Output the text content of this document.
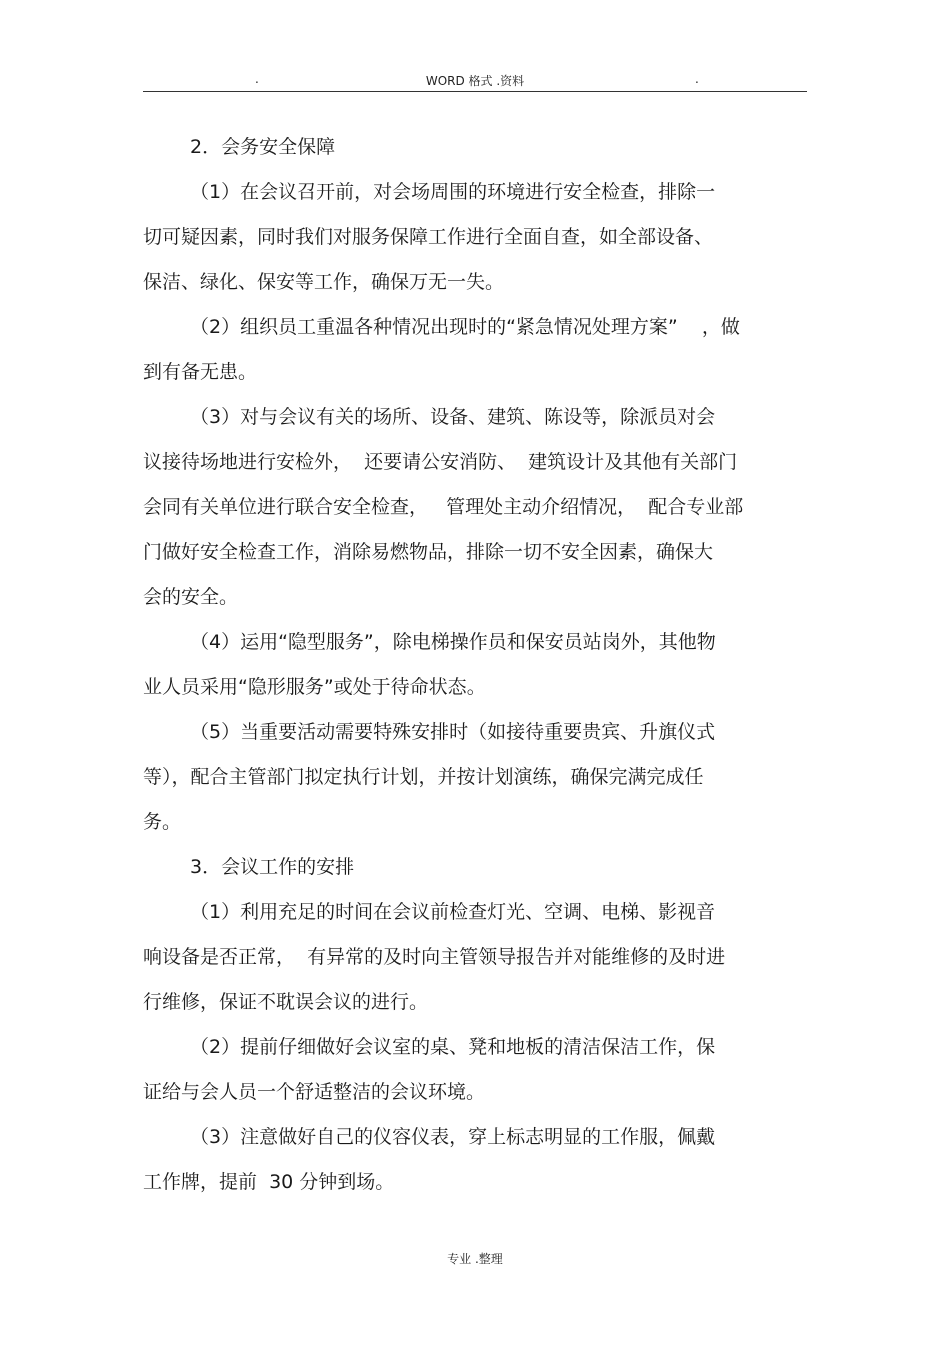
.	WORD 格式 .资料	.
2．会务安全保障
（1）在会议召开前，对会场周围的环境进行安全检查，排除一
切可疑因素，同时我们对服务保障工作进行全面自查，如全部设备、
保洁、绿化、保安等工作，确保万无一失。
（2）组织员工重温各种情况出现时的“紧急情况处理方案”    ，做
到有备无患。
（3）对与会议有关的场所、设备、建筑、陈设等，除派员对会
议接待场地进行安检外，  还要请公安消防、  建筑设计及其他有关部门
会同有关单位进行联合安全检查，   管理处主动介绍情况，  配合专业部
门做好安全检查工作，消除易燃物品，排除一切不安全因素，确保大
会的安全。
（4）运用“隐型服务”，除电梯操作员和保安员站岗外，其他物
业人员采用“隐形服务”或处于待命状态。
（5）当重要活动需要特殊安排时（如接待重要贵宾、升旗仪式
等），配合主管部门拟定执行计划，并按计划演练，确保完满完成任
务。
3．会议工作的安排
（1）利用充足的时间在会议前检查灯光、空调、电梯、影视音
响设备是否正常，  有异常的及时向主管领导报告并对能维修的及时进
行维修，保证不耽误会议的进行。
（2）提前仔细做好会议室的桌、凳和地板的清洁保洁工作，保
证给与会人员一个舒适整洁的会议环境。
（3）注意做好自己的仪容仪表，穿上标志明显的工作服，佩戴
工作牌，提前  30 分钟到场。
专业 .整理
